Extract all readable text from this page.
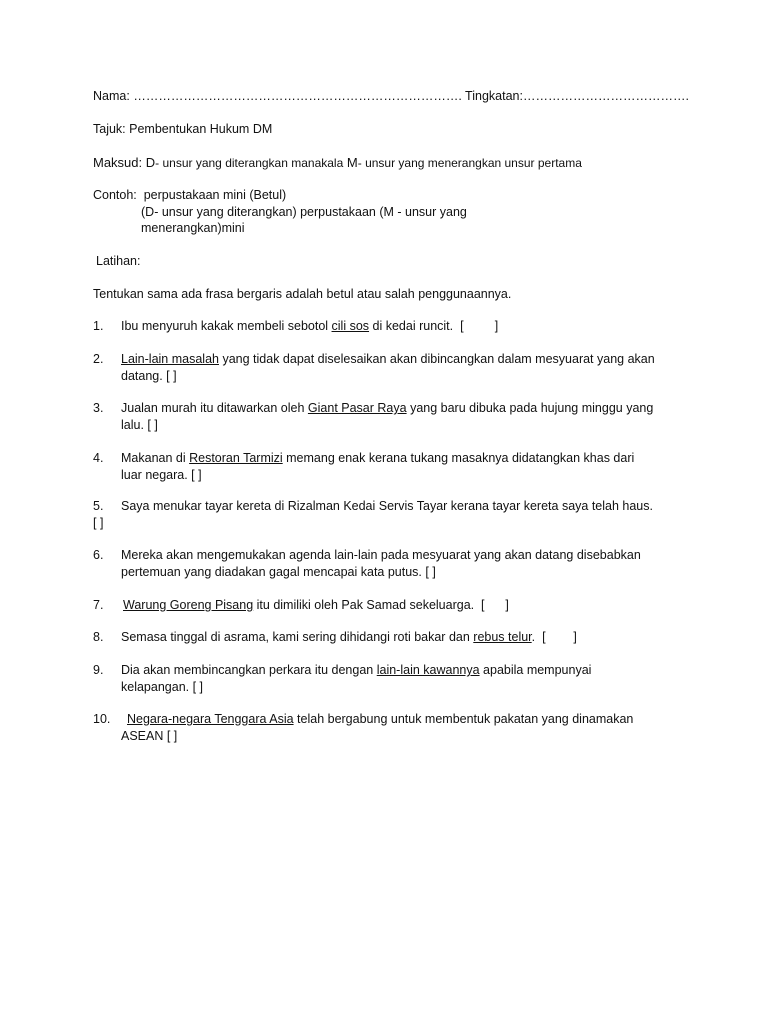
Nama: ……………………………………………………………………. Tingkatan:………………………………….
Tajuk: Pembentukan Hukum DM
Maksud: D- unsur yang diterangkan manakala M- unsur yang menerangkan unsur pertama
Contoh: perpustakaan mini (Betul)
(D- unsur yang diterangkan) perpustakaan (M - unsur yang
menerangkan)mini
Latihan:
Tentukan sama ada frasa bergaris adalah betul atau salah penggunaannya.
1.	Ibu menyuruh kakak membeli sebotol cili sos di kedai runcit.  [         ]
2.	Lain-lain masalah yang tidak dapat diselesaikan akan dibincangkan dalam mesyuarat yang akan
datang. [ ]
3.	Jualan murah itu ditawarkan oleh Giant Pasar Raya yang baru dibuka pada hujung minggu yang
lalu. [ ]
4.	Makanan di Restoran Tarmizi memang enak kerana tukang masaknya didatangkan khas dari
luar negara. [ ]
5.	Saya menukar tayar kereta di Rizalman Kedai Servis Tayar kerana tayar kereta saya telah haus.
[ ]
6.	Mereka akan mengemukakan agenda lain-lain pada mesyuarat yang akan datang disebabkan
pertemuan yang diadakan gagal mencapai kata putus. [ ]
7.	Warung Goreng Pisang itu dimiliki oleh Pak Samad sekeluarga.  [      ]
8.	Semasa tinggal di asrama, kami sering dihidangi roti bakar dan rebus telur.  [        ]
9.	Dia akan membincangkan perkara itu dengan lain-lain kawannya apabila mempunyai
kelapangan. [ ]
10.	Negara-negara Tenggara Asia telah bergabung untuk membentuk pakatan yang dinamakan
ASEAN [ ]
